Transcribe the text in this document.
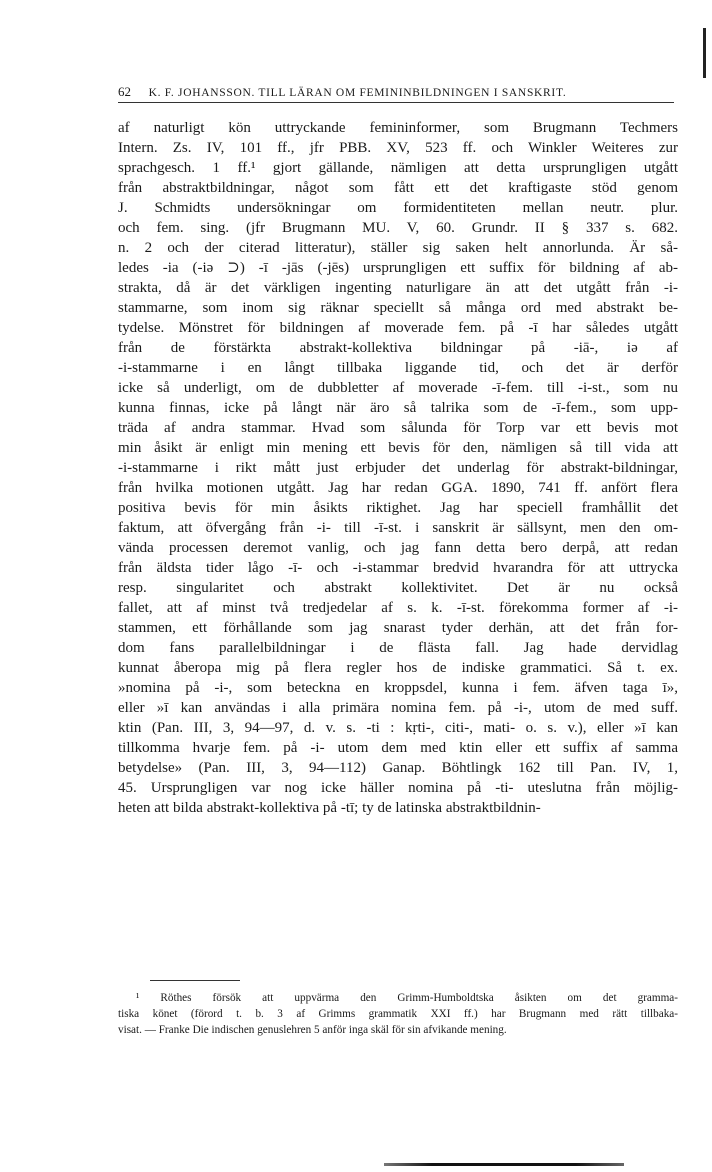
62 K. F. JOHANSSON. TILL LÄRAN OM FEMININBILDNINGEN I SANSKRIT.
af naturligt kön uttryckande femininformer, som Brugmann Techmers
Intern. Zs. IV, 101 ff., jfr PBB. XV, 523 ff. och Winkler Weiteres zur
sprachgesch. 1 ff.¹ gjort gällande, nämligen att detta ursprungligen utgått
från abstraktbildningar, något som fått ett det kraftigaste stöd genom
J. Schmidts undersökningar om formidentiteten mellan neutr. plur.
och fem. sing. (jfr Brugmann MU. V, 60. Grundr. II § 337 s. 682.
n. 2 och der citerad litteratur), ställer sig saken helt annorlunda. Är så-
ledes -ia (-iə ⊃) -ī -jās (-jēs) ursprungligen ett suffix för bildning af ab-
strakta, då är det värkligen ingenting naturligare än att det utgått från -i-
stammarne, som inom sig räknar speciellt så många ord med abstrakt be-
tydelse. Mönstret för bildningen af moverade fem. på -ī har således utgått
från de förstärkta abstrakt-kollektiva bildningar på -iā-, iə af
-i-stammarne i en långt tillbaka liggande tid, och det är derför
icke så underligt, om de dubbletter af moverade -ī-fem. till -i-st., som nu
kunna finnas, icke på långt när äro så talrika som de -ī-fem., som upp-
träda af andra stammar. Hvad som sålunda för Torp var ett bevis mot
min åsikt är enligt min mening ett bevis för den, nämligen så till vida att
-i-stammarne i rikt mått just erbjuder det underlag för abstrakt-bildningar,
från hvilka motionen utgått. Jag har redan GGA. 1890, 741 ff. anfört flera
positiva bevis för min åsikts riktighet. Jag har speciell framhållit det
faktum, att öfvergång från -i- till -ī-st. i sanskrit är sällsynt, men den om-
vända processen deremot vanlig, och jag fann detta bero derpå, att redan
från äldsta tider lågo -ī- och -i-stammar bredvid hvarandra för att uttrycka
resp. singularitet och abstrakt kollektivitet. Det är nu också
fallet, att af minst två tredjedelar af s. k. -ī-st. förekomma former af -i-
stammen, ett förhållande som jag snarast tyder derhän, att det från for-
dom fans parallelbildningar i de flästa fall. Jag hade dervidlag
kunnat åberopa mig på flera regler hos de indiske grammatici. Så t. ex.
»nomina på -i-, som beteckna en kroppsdel, kunna i fem. äfven taga ī»,
eller »ī kan användas i alla primära nomina fem. på -i-, utom de med suff.
ktin (Pan. III, 3, 94—97, d. v. s. -ti : kṛti-, citi-, mati- o. s. v.), eller »ī kan
tillkomma hvarje fem. på -i- utom dem med ktin eller ett suffix af samma
betydelse» (Pan. III, 3, 94—112) Ganap. Böhtlingk 162 till Pan. IV, 1,
45. Ursprungligen var nog icke häller nomina på -ti- uteslutna från möjlig-
heten att bilda abstrakt-kollektiva på -tī; ty de latinska abstraktbildnin-
¹ Röthes försök att uppvärma den Grimm-Humboldtska åsikten om det gramma-
tiska könet (förord t. b. 3 af Grimms grammatik XXI ff.) har Brugmann med rätt tillbaka-
visat. — Franke Die indischen genuslehren 5 anför inga skäl för sin afvikande mening.
